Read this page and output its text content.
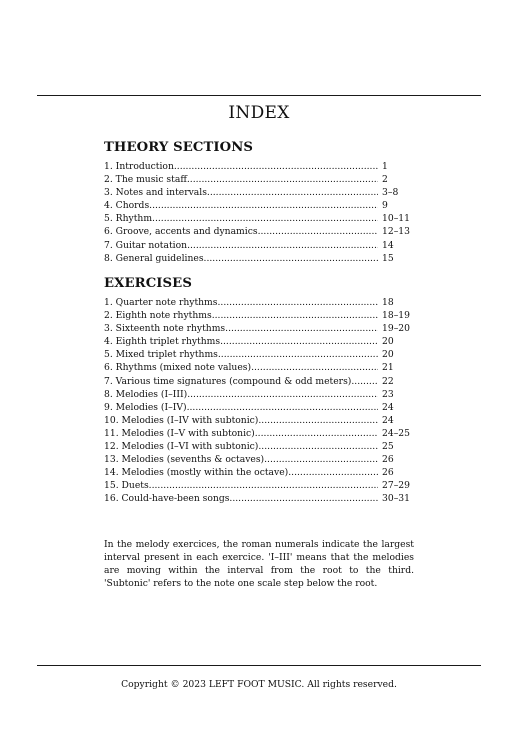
INDEX
THEORY SECTIONS
1. Introduction .....	1
2. The music staff .....	2
3. Notes and intervals .....	3–8
4. Chords .....	9
5. Rhythm .....	10–11
6. Groove, accents and dynamics .....	12–13
7. Guitar notation .....	14
8. General guidelines .....	15
EXERCISES
1. Quarter note rhythms .....	18
2. Eighth note rhythms .....	18–19
3. Sixteenth note rhythms .....	19–20
4. Eighth triplet rhythms .....	20
5. Mixed triplet rhythms .....	20
6. Rhythms (mixed note values) .....	21
7. Various time signatures (compound & odd meters) .....	22
8. Melodies (I–III) .....	23
9. Melodies (I–IV) .....	24
10. Melodies (I–IV with subtonic) .....	24
11. Melodies (I–V with subtonic) .....	24–25
12. Melodies (I–VI with subtonic) .....	25
13. Melodies (sevenths & octaves) .....	26
14. Melodies (mostly within the octave) .....	26
15. Duets .....	27–29
16. Could-have-been songs .....	30–31

In the melody exercices, the roman numerals indicate the largest interval present in each exercice. 'I–III' means that the melodies are moving within the interval from the root to the third. 'Subtonic' refers to the note one scale step below the root.

Copyright © 2023 LEFT FOOT MUSIC. All rights reserved.
